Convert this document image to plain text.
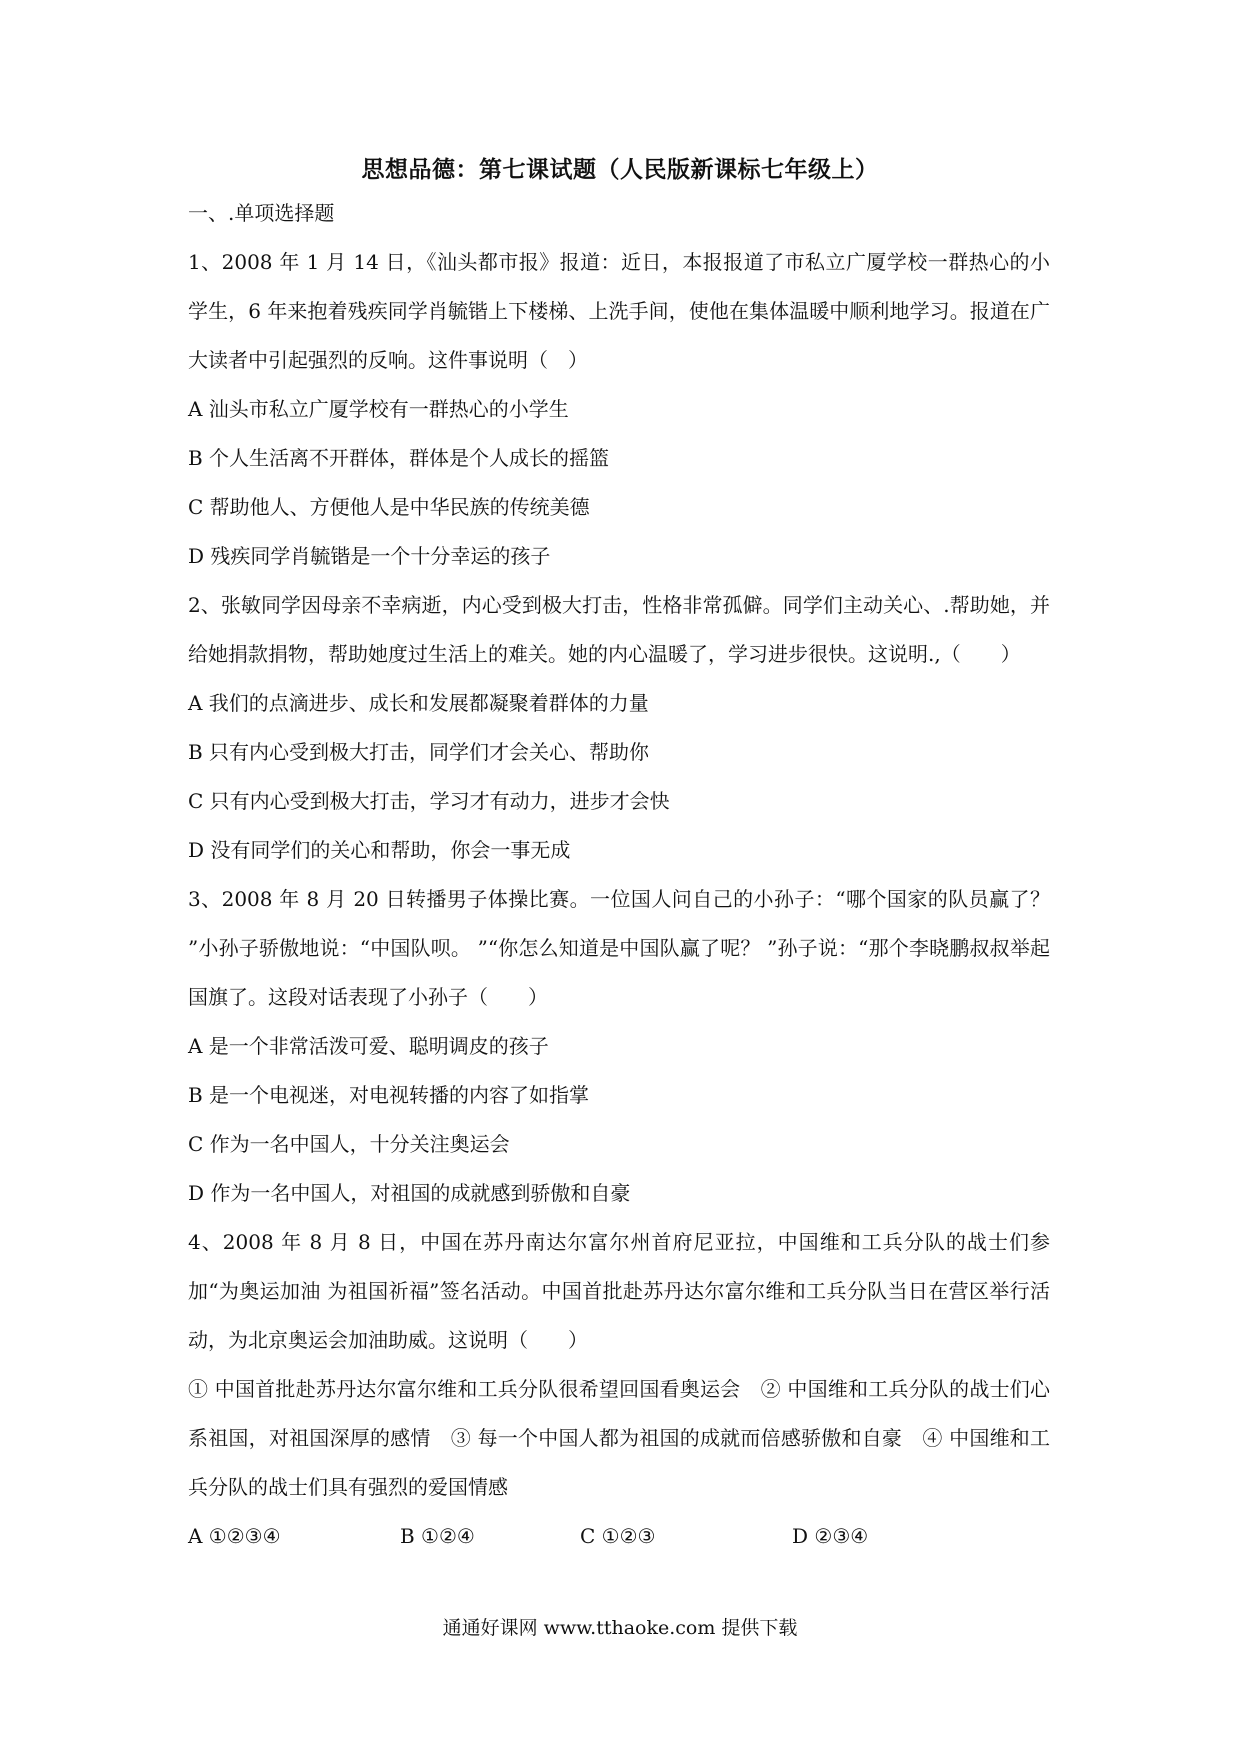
思想品德：第七课试题（人民版新课标七年级上）
一、.单项选择题

1、2008 年 1 月 14 日，《汕头都市报》报道：近日，本报报道了市私立广厦学校一群热心的小学生，6 年来抱着残疾同学肖毓锴上下楼梯、上洗手间，使他在集体温暖中顺利地学习。报道在广大读者中引起强烈的反响。这件事说明（　）

A 汕头市私立广厦学校有一群热心的小学生

B 个人生活离不开群体，群体是个人成长的摇篮

C 帮助他人、方便他人是中华民族的传统美德

D 残疾同学肖毓锴是一个十分幸运的孩子

2、张敏同学因母亲不幸病逝，内心受到极大打击，性格非常孤僻。同学们主动关心、.帮助她，并给她捐款捐物，帮助她度过生活上的难关。她的内心温暖了，学习进步很快。这说明.,（　　）

A 我们的点滴进步、成长和发展都凝聚着群体的力量

B 只有内心受到极大打击，同学们才会关心、帮助你

C 只有内心受到极大打击，学习才有动力，进步才会快

D 没有同学们的关心和帮助，你会一事无成

3、2008 年 8 月 20 日转播男子体操比赛。一位国人问自己的小孙子：“哪个国家的队员赢了？ ”小孙子骄傲地说：“中国队呗。 ”“你怎么知道是中国队赢了呢？ ”孙子说：“那个李晓鹏叔叔举起国旗了。这段对话表现了小孙子（　　）

A 是一个非常活泼可爱、聪明调皮的孩子

B 是一个电视迷，对电视转播的内容了如指掌

C 作为一名中国人，十分关注奥运会

D 作为一名中国人，对祖国的成就感到骄傲和自豪

4、2008 年 8 月 8 日，中国在苏丹南达尔富尔州首府尼亚拉，中国维和工兵分队的战士们参加“为奥运加油 为祖国祈福”签名活动。中国首批赴苏丹达尔富尔维和工兵分队当日在营区举行活动，为北京奥运会加油助威。这说明（　　）

① 中国首批赴苏丹达尔富尔维和工兵分队很希望回国看奥运会　② 中国维和工兵分队的战士们心系祖国，对祖国深厚的感情　③ 每一个中国人都为祖国的成就而倍感骄傲和自豪　④ 中国维和工兵分队的战士们具有强烈的爱国情感

A ①②③④	B ①②④	C ①②③	D ②③④
通通好课网 www.tthaoke.com 提供下载
